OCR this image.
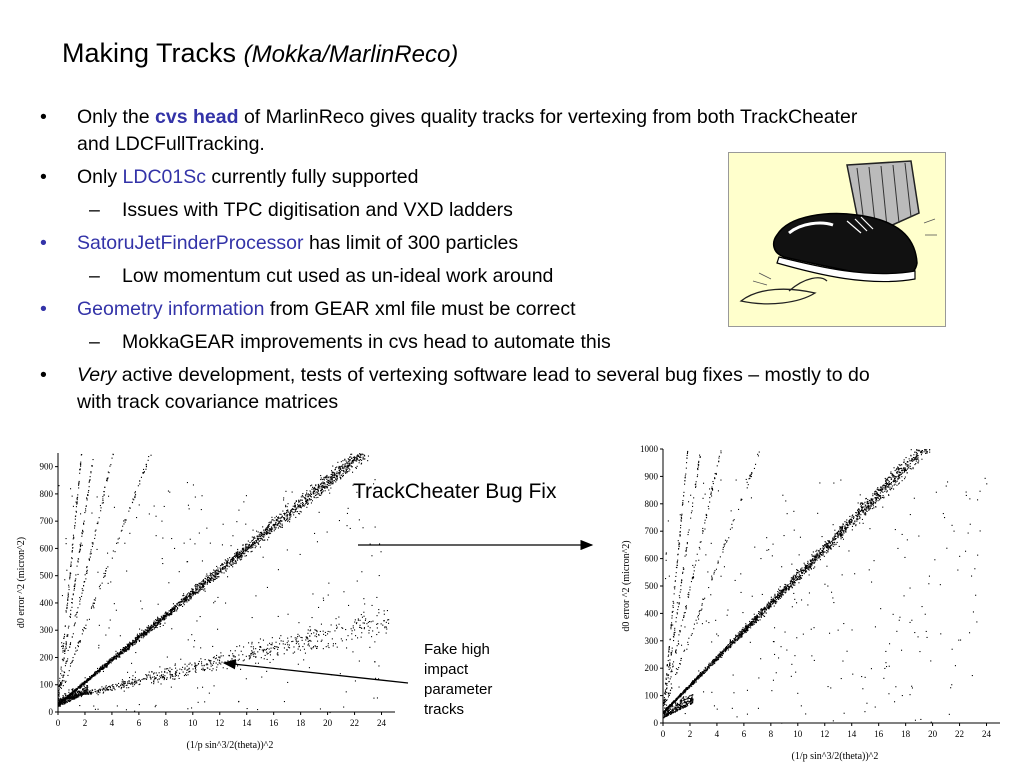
Making Tracks (Mokka/MarlinReco)
• Only the cvs head of MarlinReco gives quality tracks for vertexing from both TrackCheater and LDCFullTracking.
• Only LDC01Sc currently fully supported
– Issues with TPC digitisation and VXD ladders
• SatoruJetFinderProcessor has limit of 300 particles
– Low momentum cut used as un-ideal work around
• Geometry information from GEAR xml file must be correct
– MokkaGEAR improvements in cvs head to automate this
• Very active development, tests of vertexing software lead to several bug fixes – mostly to do with track covariance matrices
0
100
200
300
400
500
600
700
800
900
0 2 4 6 8 10 12 14 16 18 20 22 24
(1/p sin^3/2(theta))^2
d0 error ^2 (micron^2)
0
100
200
300
400
500
600
700
800
900
1000
0 2 4 6 8 10 12 14 16 18 20 22 24
(1/p sin^3/2(theta))^2
d0 error ^2 (micron^2)
TrackCheater Bug Fix
Fake high
impact
parameter
tracks
